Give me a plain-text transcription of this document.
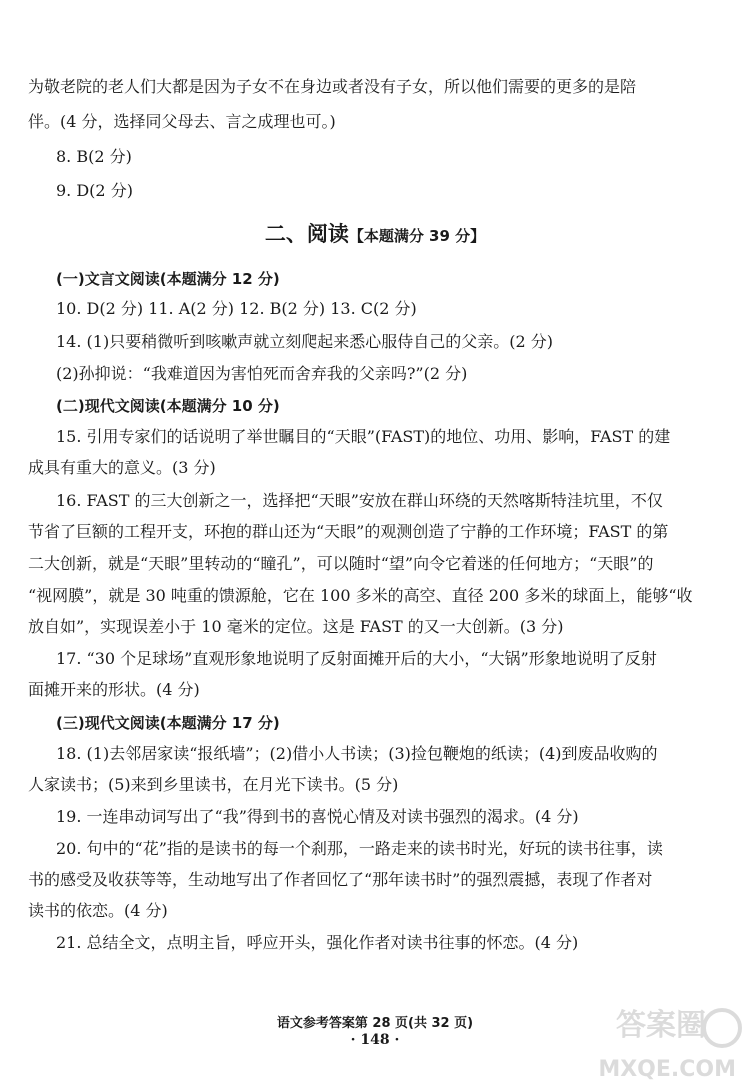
为敬老院的老人们大都是因为子女不在身边或者没有子女，所以他们需要的更多的是陪
伴。(4 分，选择同父母去、言之成理也可。)
8. B(2 分)
9. D(2 分)
二、阅读【本题满分 39 分】
(一)文言文阅读(本题满分 12 分)
10. D(2 分) 11. A(2 分) 12. B(2 分) 13. C(2 分)
14. (1)只要稍微听到咳嗽声就立刻爬起来悉心服侍自己的父亲。(2 分)
(2)孙抑说：“我难道因为害怕死而舍弃我的父亲吗?”(2 分)
(二)现代文阅读(本题满分 10 分)
15. 引用专家们的话说明了举世瞩目的“天眼”(FAST)的地位、功用、影响，FAST 的建
成具有重大的意义。(3 分)
16. FAST 的三大创新之一，选择把“天眼”安放在群山环绕的天然喀斯特洼坑里，不仅
节省了巨额的工程开支，环抱的群山还为“天眼”的观测创造了宁静的工作环境；FAST 的第
二大创新，就是“天眼”里转动的“瞳孔”，可以随时“望”向令它着迷的任何地方；“天眼”的
“视网膜”，就是 30 吨重的馈源舱，它在 100 多米的高空、直径 200 多米的球面上，能够“收
放自如”，实现误差小于 10 毫米的定位。这是 FAST 的又一大创新。(3 分)
17. “30 个足球场”直观形象地说明了反射面摊开后的大小，“大锅”形象地说明了反射
面摊开来的形状。(4 分)
(三)现代文阅读(本题满分 17 分)
18. (1)去邻居家读“报纸墙”；(2)借小人书读；(3)捡包鞭炮的纸读；(4)到废品收购的
人家读书；(5)来到乡里读书，在月光下读书。(5 分)
19. 一连串动词写出了“我”得到书的喜悦心情及对读书强烈的渴求。(4 分)
20. 句中的“花”指的是读书的每一个刹那，一路走来的读书时光，好玩的读书往事，读
书的感受及收获等等，生动地写出了作者回忆了“那年读书时”的强烈震撼，表现了作者对
读书的依恋。(4 分)
21. 总结全文，点明主旨，呼应开头，强化作者对读书往事的怀恋。(4 分)
语文参考答案第 28 页(共 32 页)
· 148 ·	答案圈
MXQE.COM
